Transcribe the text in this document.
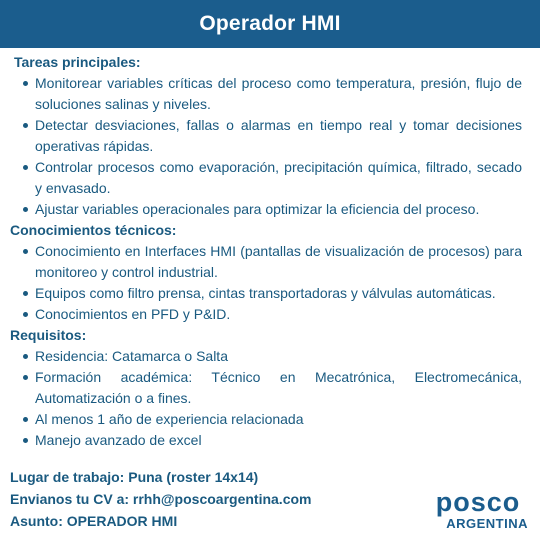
Operador HMI

Tareas principales:

Monitorear variables críticas del proceso como temperatura, presión, flujo de soluciones salinas y niveles.
Detectar desviaciones, fallas o alarmas en tiempo real y tomar decisiones operativas rápidas.
Controlar procesos como evaporación, precipitación química, filtrado, secado y envasado.
Ajustar variables operacionales para optimizar la eficiencia del proceso.

Conocimientos técnicos:

Conocimiento en Interfaces HMI (pantallas de visualización de procesos) para monitoreo y control industrial.
Equipos como filtro prensa, cintas transportadoras y válvulas automáticas.
Conocimientos en PFD y P&ID.

Requisitos:

Residencia: Catamarca o Salta
Formación académica: Técnico en Mecatrónica, Electromecánica, Automatización o a fines.
Al menos 1 año de experiencia relacionada
Manejo avanzado de excel
Lugar de trabajo: Puna (roster 14x14)
Envianos tu CV a: rrhh@poscoargentina.com
Asunto: OPERADOR HMI
posco
ARGENTINA
